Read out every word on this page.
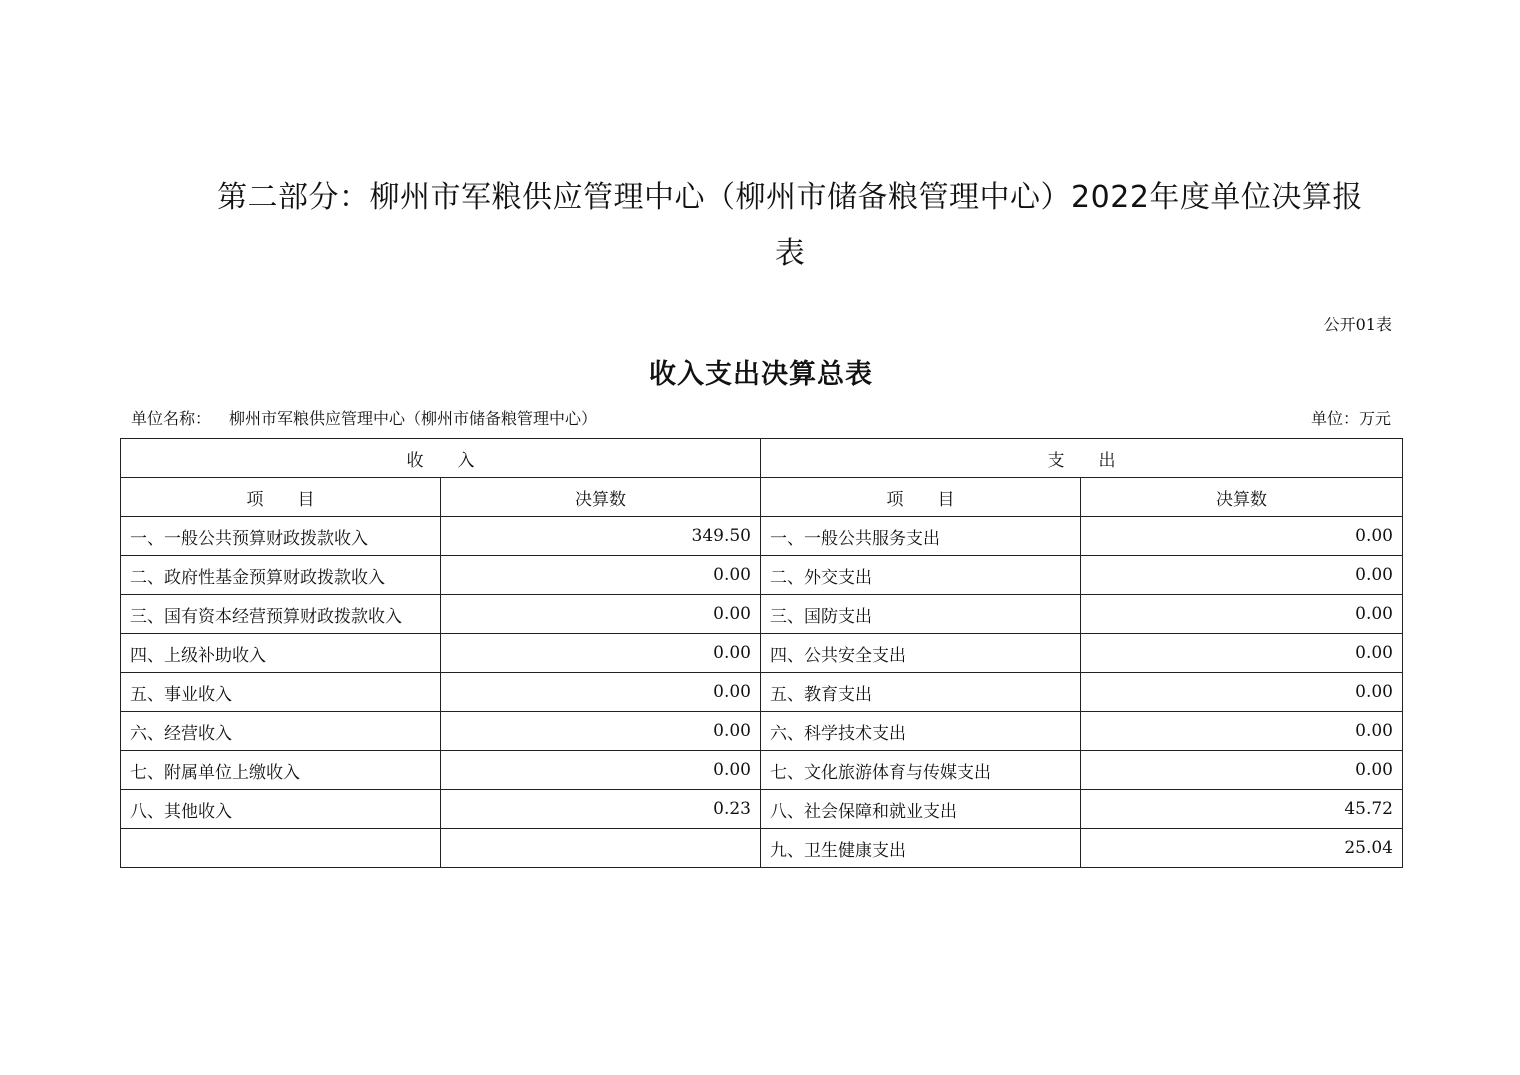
第二部分：柳州市军粮供应管理中心（柳州市储备粮管理中心）2022年度单位决算报
表
公开01表
收入支出决算总表
单位名称： 柳州市军粮供应管理中心（柳州市储备粮管理中心）	单位：万元
收　　入		支　　出	
项　　目	决算数	项　　目	决算数
一、一般公共预算财政拨款收入	349.50	一、一般公共服务支出	0.00
二、政府性基金预算财政拨款收入	0.00	二、外交支出	0.00
三、国有资本经营预算财政拨款收入	0.00	三、国防支出	0.00
四、上级补助收入	0.00	四、公共安全支出	0.00
五、事业收入	0.00	五、教育支出	0.00
六、经营收入	0.00	六、科学技术支出	0.00
七、附属单位上缴收入	0.00	七、文化旅游体育与传媒支出	0.00
八、其他收入	0.23	八、社会保障和就业支出	45.72
		九、卫生健康支出	25.04
